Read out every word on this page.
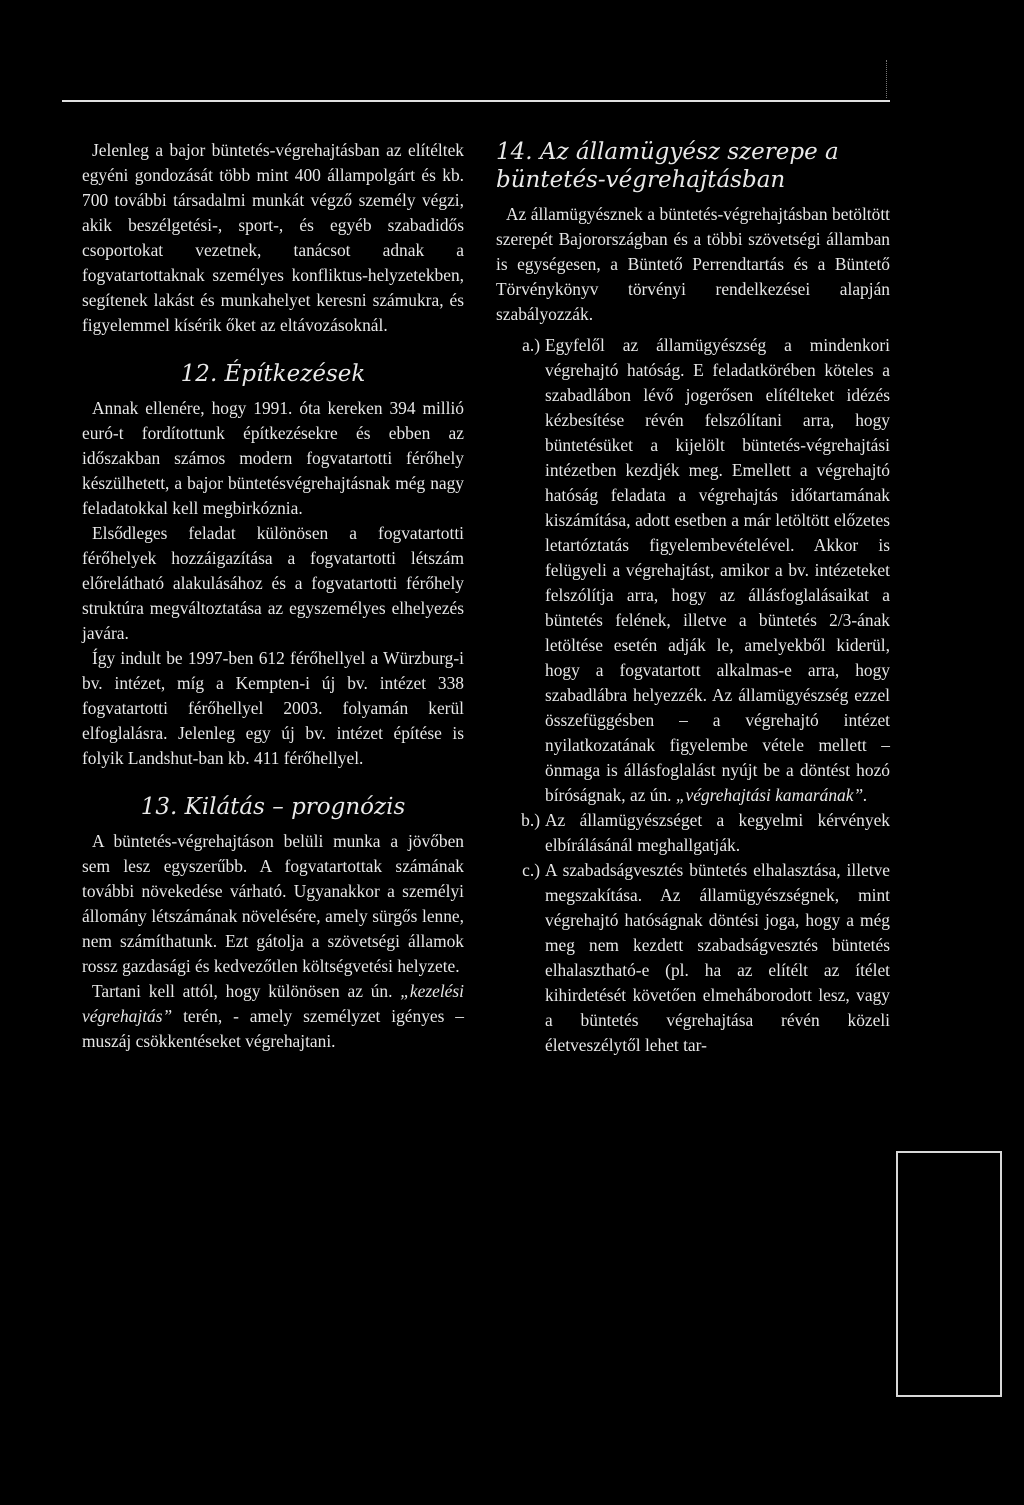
Jelenleg a bajor büntetés-végrehajtásban az elítéltek egyéni gondozását több mint 400 állampolgárt és kb. 700 további társadalmi munkát végző személy végzi, akik beszélgetési-, sport-, és egyéb szabadidős csoportokat vezetnek, tanácsot adnak a fogvatartottaknak személyes konfliktus-helyzetekben, segítenek lakást és munkahelyet keresni számukra, és figyelemmel kísérik őket az eltávozásoknál.

12. Építkezések

Annak ellenére, hogy 1991. óta kereken 394 millió euró-t fordítottunk építkezésekre és ebben az időszakban számos modern fogvatartotti férőhely készülhetett, a bajor büntetésvégrehajtásnak még nagy feladatokkal kell megbirkóznia.

Elsődleges feladat különösen a fogvatartotti férőhelyek hozzáigazítása a fogvatartotti létszám előrelátható alakulásához és a fogvatartotti férőhely struktúra megváltoztatása az egyszemélyes elhelyezés javára.

Így indult be 1997-ben 612 férőhellyel a Würzburg-i bv. intézet, míg a Kempten-i új bv. intézet 338 fogvatartotti férőhellyel 2003. folyamán kerül elfoglalásra. Jelenleg egy új bv. intézet építése is folyik Landshut-ban kb. 411 férőhellyel.

13. Kilátás – prognózis

A büntetés-végrehajtáson belüli munka a jövőben sem lesz egyszerűbb. A fogvatartottak számának további növekedése várható. Ugyanakkor a személyi állomány létszámának növelésére, amely sürgős lenne, nem számíthatunk. Ezt gátolja a szövetségi államok rossz gazdasági és kedvezőtlen költségvetési helyzete.

Tartani kell attól, hogy különösen az ún. „kezelési végrehajtás” terén, - amely személyzet igényes – muszáj csökkentéseket végrehajtani.

14. Az államügyész szerepe a büntetés-végrehajtásban

Az államügyésznek a büntetés-végrehajtásban betöltött szerepét Bajorországban és a többi szövetségi államban is egységesen, a Büntető Perrendtartás és a Büntető Törvénykönyv törvényi rendelkezései alapján szabályozzák.

a.) Egyfelől az államügyészség a mindenkori végrehajtó hatóság. E feladatkörében köteles a szabadlábon lévő jogerősen elítélteket idézés kézbesítése révén felszólítani arra, hogy büntetésüket a kijelölt büntetés-végrehajtási intézetben kezdjék meg. Emellett a végrehajtó hatóság feladata a végrehajtás időtartamának kiszámítása, adott esetben a már letöltött előzetes letartóztatás figyelembevételével. Akkor is felügyeli a végrehajtást, amikor a bv. intézeteket felszólítja arra, hogy az állásfoglalásaikat a büntetés felének, illetve a büntetés 2/3-ának letöltése esetén adják le, amelyekből kiderül, hogy a fogvatartott alkalmas-e arra, hogy szabadlábra helyezzék. Az államügyészség ezzel összefüggésben – a végrehajtó intézet nyilatkozatának figyelembe vétele mellett – önmaga is állásfoglalást nyújt be a döntést hozó bíróságnak, az ún. „végrehajtási kamarának”.
b.) Az államügyészséget a kegyelmi kérvények elbírálásánál meghallgatják.
c.) A szabadságvesztés büntetés elhalasztása, illetve megszakítása. Az államügyészségnek, mint végrehajtó hatóságnak döntési joga, hogy a még meg nem kezdett szabadságvesztés büntetés elhalasztható-e (pl. ha az elítélt az ítélet kihirdetését követően elmeháborodott lesz, vagy a büntetés végrehajtása révén közeli életveszélytől lehet tar-
